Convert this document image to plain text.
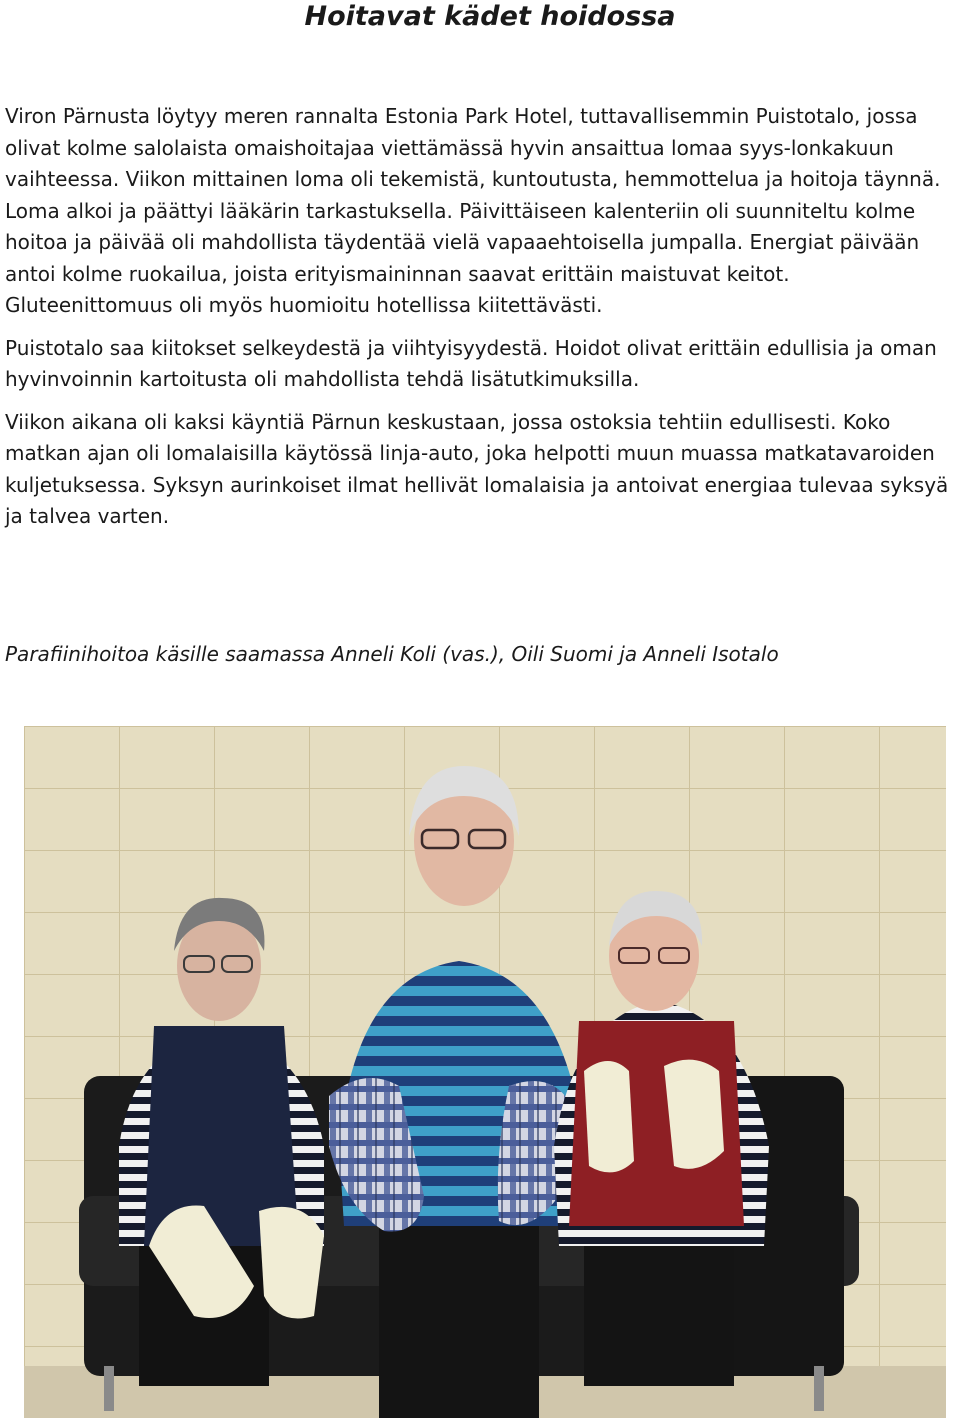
Hoitavat kädet hoidossa

Viron Pärnusta löytyy meren rannalta Estonia Park Hotel, tuttavallisemmin Puistotalo, jossa olivat kolme salolaista omaishoitajaa viettämässä hyvin ansaittua lomaa syys-lonkakuun vaihteessa. Viikon mittainen loma oli tekemistä, kuntoutusta, hemmottelua ja hoitoja täynnä. Loma alkoi ja päättyi lääkärin tarkastuksella. Päivittäiseen kalenteriin oli suunniteltu kolme hoitoa ja päivää oli mahdollista täydentää vielä vapaaehtoisella jumpalla. Energiat päivään antoi kolme ruokailua, joista erityismaininnan saavat erittäin maistuvat keitot. Gluteenittomuus oli myös huomioitu hotellissa kiitettävästi.

Puistotalo saa kiitokset selkeydestä ja viihtyisyydestä. Hoidot olivat erittäin edullisia ja oman hyvinvoinnin kartoitusta oli mahdollista tehdä lisätutkimuksilla.

Viikon aikana oli kaksi käyntiä Pärnun keskustaan, jossa ostoksia tehtiin edullisesti. Koko matkan ajan oli lomalaisilla käytössä linja-auto, joka helpotti muun muassa matkatavaroiden kuljetuksessa. Syksyn aurinkoiset ilmat hellivät lomalaisia ja antoivat energiaa tulevaa syksyä ja talvea varten.

Parafiinihoitoa käsille saamassa Anneli Koli (vas.), Oili Suomi ja Anneli Isotalo
